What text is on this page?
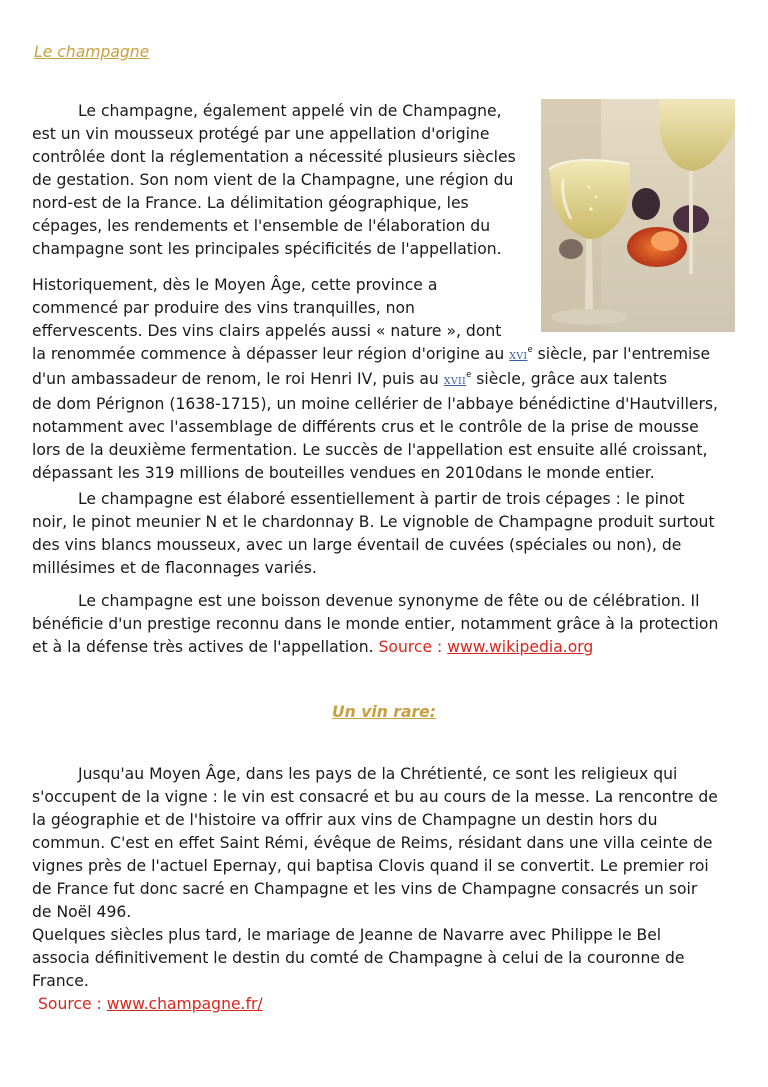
Le champagne
Le champagne, également appelé vin de Champagne,
est un vin mousseux protégé par une appellation d'origine
contrôlée dont la réglementation a nécessité plusieurs siècles
de gestation. Son nom vient de la Champagne, une région du
nord-est de la France. La délimitation géographique, les
cépages, les rendements et l'ensemble de l'élaboration du
champagne sont les principales spécificités de l'appellation.
Historiquement, dès le Moyen Âge, cette province a
commencé par produire des vins tranquilles, non
effervescents. Des vins clairs appelés aussi « nature », dont
la renommée commence à dépasser leur région d'origine au XVIe siècle, par l'entremise
d'un ambassadeur de renom, le roi Henri IV, puis au XVIIe siècle, grâce aux talents
de dom Pérignon (1638-1715), un moine cellérier de l'abbaye bénédictine d'Hautvillers,
notamment avec l'assemblage de différents crus et le contrôle de la prise de mousse
lors de la deuxième fermentation. Le succès de l'appellation est ensuite allé croissant,
dépassant les 319 millions de bouteilles vendues en 2010dans le monde entier.
Le champagne est élaboré essentiellement à partir de trois cépages : le pinot
noir, le pinot meunier N et le chardonnay B. Le vignoble de Champagne produit surtout
des vins blancs mousseux, avec un large éventail de cuvées (spéciales ou non), de
millésimes et de flaconnages variés.
Le champagne est une boisson devenue synonyme de fête ou de célébration. Il
bénéficie d'un prestige reconnu dans le monde entier, notamment grâce à la protection
et à la défense très actives de l'appellation. Source : www.wikipedia.org
Un vin rare:
Jusqu'au Moyen Âge, dans les pays de la Chrétienté, ce sont les religieux qui
s'occupent de la vigne : le vin est consacré et bu au cours de la messe. La rencontre de
la géographie et de l'histoire va offrir aux vins de Champagne un destin hors du
commun. C'est en effet Saint Rémi, évêque de Reims, résidant dans une villa ceinte de
vignes près de l'actuel Epernay, qui baptisa Clovis quand il se convertit. Le premier roi
de France fut donc sacré en Champagne et les vins de Champagne consacrés un soir
de Noël 496.
Quelques siècles plus tard, le mariage de Jeanne de Navarre avec Philippe le Bel
associa définitivement le destin du comté de Champagne à celui de la couronne de
France.
Source : www.champagne.fr/
